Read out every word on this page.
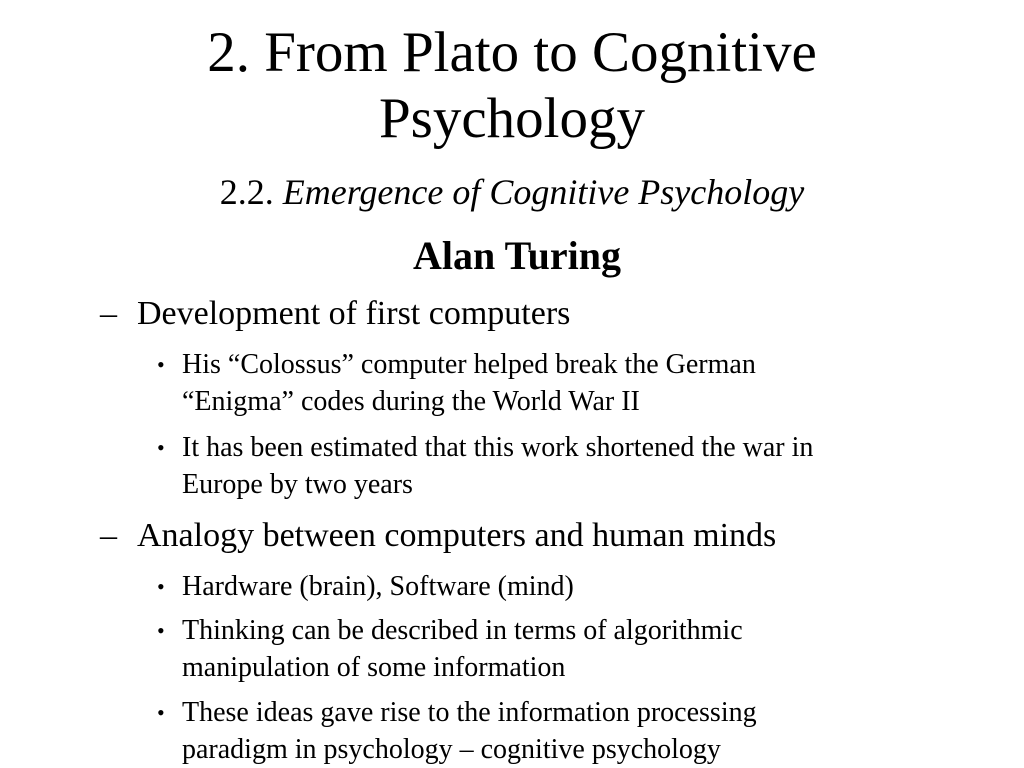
2. From Plato to Cognitive
Psychology
2.2. Emergence of Cognitive Psychology
Alan Turing
– Development of first computers
• His “Colossus” computer helped break the German
“Enigma” codes during the World War II
• It has been estimated that this work shortened the war in
Europe by two years
– Analogy between computers and human minds
• Hardware (brain), Software (mind)
• Thinking can be described in terms of algorithmic
manipulation of some information
• These ideas gave rise to the information processing
paradigm in psychology – cognitive psychology
